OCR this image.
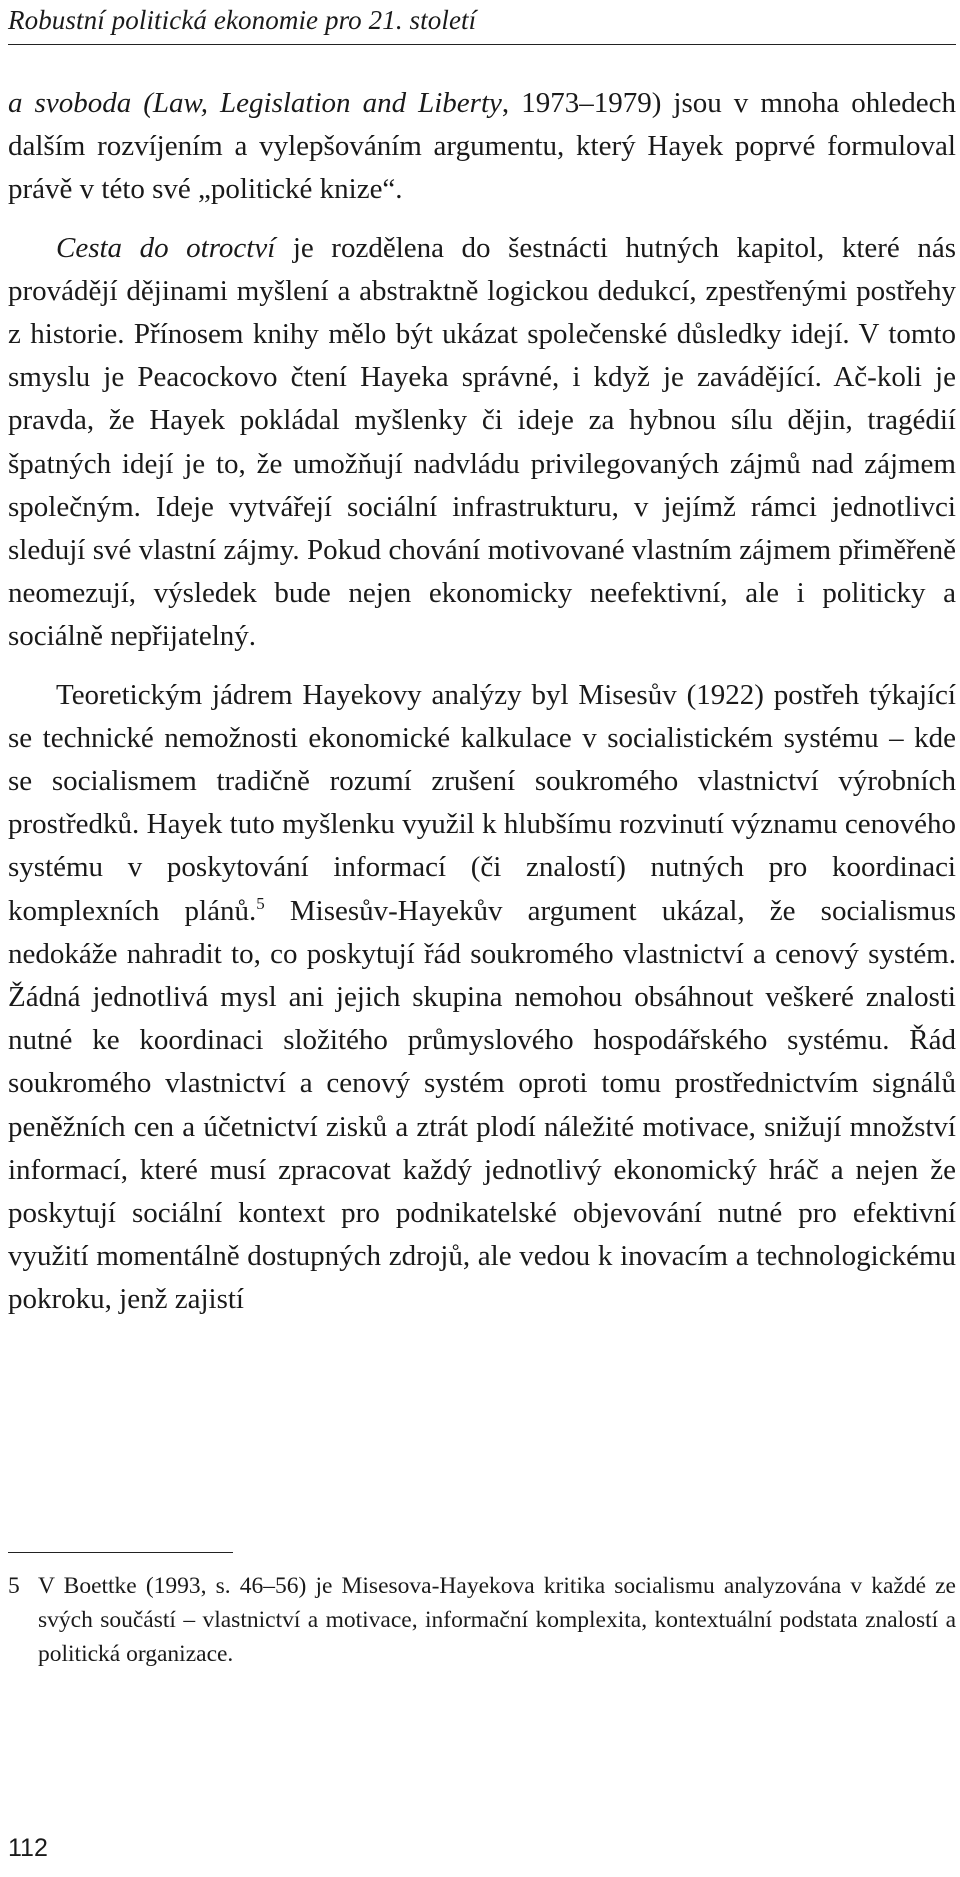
Robustní politická ekonomie pro 21. století

a svoboda (Law, Legislation and Liberty, 1973–1979) jsou v mnoha ohledech dalším rozvíjením a vylepšováním argumentu, který Hayek poprvé formuloval právě v této své „politické knize“.

Cesta do otroctví je rozdělena do šestnácti hutných kapitol, které nás provádějí dějinami myšlení a abstraktně logickou dedukcí, zpestřenými postřehy z historie. Přínosem knihy mělo být ukázat společenské důsledky idejí. V tomto smyslu je Peacockovo čtení Hayeka správné, i když je zavádějící. Ač-koli je pravda, že Hayek pokládal myšlenky či ideje za hybnou sílu dějin, tragédií špatných idejí je to, že umožňují nadvládu privilegovaných zájmů nad zájmem společným. Ideje vytvářejí sociální infrastrukturu, v jejímž rámci jednotlivci sledují své vlastní zájmy. Pokud chování motivované vlastním zájmem přiměřeně neomezují, výsledek bude nejen ekonomicky neefektivní, ale i politicky a sociálně nepřijatelný.

Teoretickým jádrem Hayekovy analýzy byl Misesův (1922) postřeh týkající se technické nemožnosti ekonomické kalkulace v socialistickém systému – kde se socialismem tradičně rozumí zrušení soukromého vlastnictví výrobních prostředků. Hayek tuto myšlenku využil k hlubšímu rozvinutí významu cenového systému v poskytování informací (či znalostí) nutných pro koordinaci komplexních plánů.$^5$ Misesův-Hayekův argument ukázal, že socialismus nedokáže nahradit to, co poskytují řád soukromého vlastnictví a cenový systém. Žádná jednotlivá mysl ani jejich skupina nemohou obsáhnout veškeré znalosti nutné ke koordinaci složitého průmyslového hospodářského systému. Řád soukromého vlastnictví a cenový systém oproti tomu prostřednictvím signálů peněžních cen a účetnictví zisků a ztrát plodí náležité motivace, snižují množství informací, které musí zpracovat každý jednotlivý ekonomický hráč a nejen že poskytují sociální kontext pro podnikatelské objevování nutné pro efektivní využití momentálně dostupných zdrojů, ale vedou k inovacím a technologickému pokroku, jenž zajistí

5 V Boettke (1993, s. 46–56) je Misesova-Hayekova kritika socialismu analyzována v každé ze svých součástí – vlastnictví a motivace, informační komplexita, kontextuální podstata znalostí a politická organizace.
112
